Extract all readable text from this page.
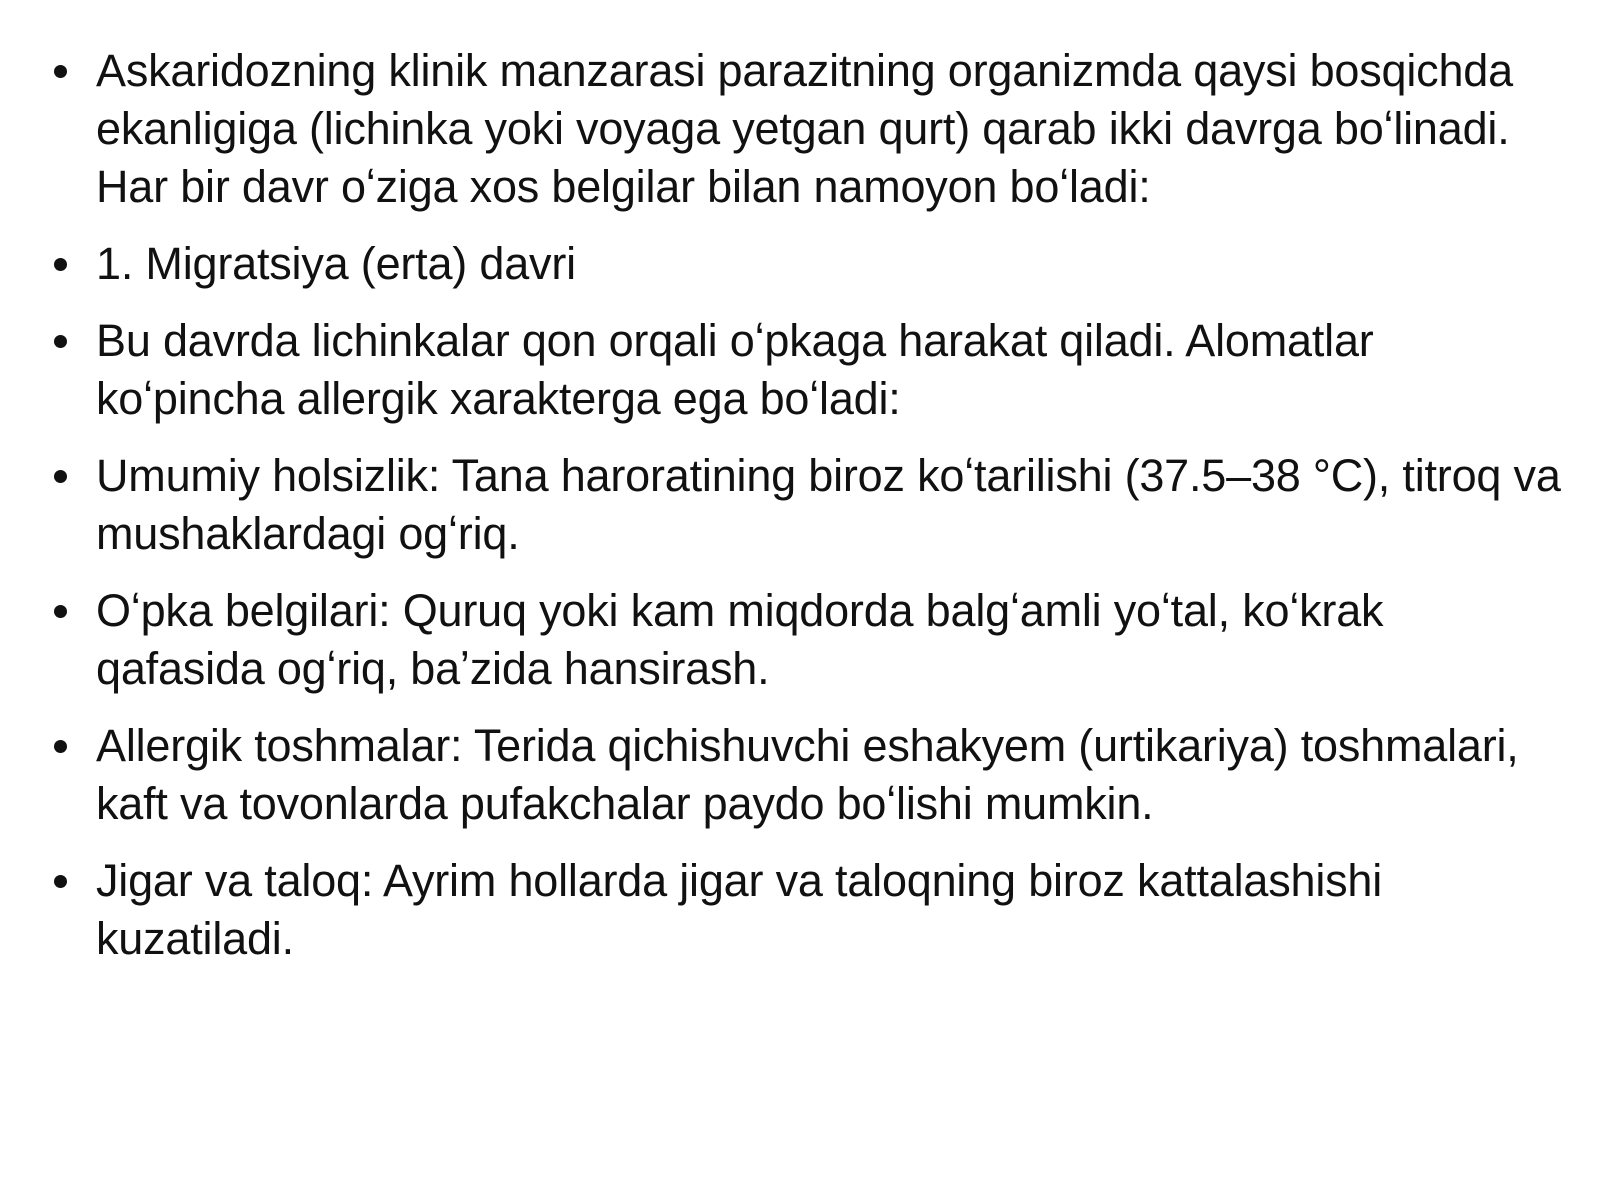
Askaridozning klinik manzarasi parazitning organizmda qaysi bosqichda ekanligiga (lichinka yoki voyaga yetgan qurt) qarab ikki davrga boʻlinadi. Har bir davr oʻziga xos belgilar bilan namoyon boʻladi:
1. Migratsiya (erta) davri
Bu davrda lichinkalar qon orqali oʻpkaga harakat qiladi. Alomatlar koʻpincha allergik xarakterga ega boʻladi:
Umumiy holsizlik: Tana haroratining biroz koʻtarilishi (37.5–38 °C), titroq va mushaklardagi ogʻriq.
Oʻpka belgilari: Quruq yoki kam miqdorda balgʻamli yoʻtal, koʻkrak qafasida ogʻriq, baʼzida hansirash.
Allergik toshmalar: Terida qichishuvchi eshakyem (urtikariya) toshmalari, kaft va tovonlarda pufakchalar paydo boʻlishi mumkin.
Jigar va taloq: Ayrim hollarda jigar va taloqning biroz kattalashishi kuzatiladi.
